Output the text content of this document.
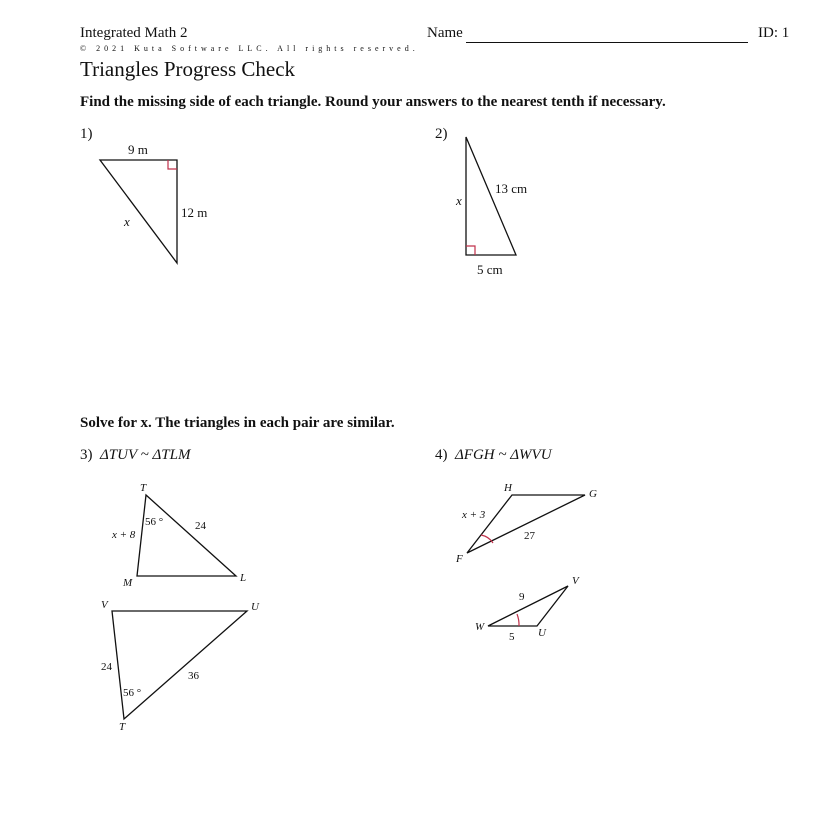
Integrated Math 2	Name	ID: 1
© 2021 Kuta Software LLC. All rights reserved.
Triangles Progress Check
Find the missing side of each triangle. Round your answers to the nearest tenth if necessary.
1)	2)
9 m
12 m
x
13 cm
x
5 cm
Solve for x. The triangles in each pair are similar.
3) ΔTUV ~ ΔTLM	4) ΔFGH ~ ΔWVU
T
M	L
x + 8
24
56 °
V	U
T
24
36
56 °
H	G
F
x + 3
27
W	U
V
9
5
